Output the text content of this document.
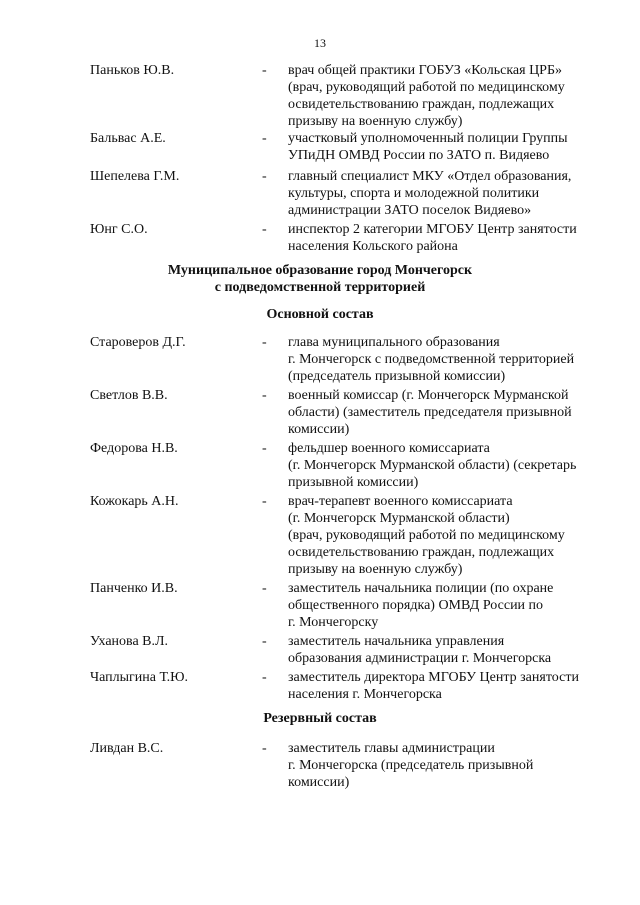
13
Паньков Ю.В.	-	врач общей практики ГОБУЗ «Кольская ЦРБ»
(врач, руководящий работой по медицинскому
освидетельствованию граждан, подлежащих
призыву на военную службу)
Бальвас А.Е.	-	участковый уполномоченный полиции Группы
УПиДН ОМВД России по ЗАТО п. Видяево
Шепелева Г.М.	-	главный специалист МКУ «Отдел образования,
культуры, спорта и молодежной политики
администрации ЗАТО поселок Видяево»
Юнг С.О.	-	инспектор 2 категории МГОБУ Центр занятости
населения Кольского района
Муниципальное образование город Мончегорск
с подведомственной территорией
Основной состав
Староверов Д.Г.	-	глава муниципального образования
г. Мончегорск с подведомственной территорией
(председатель призывной комиссии)
Светлов В.В.	-	военный комиссар (г. Мончегорск Мурманской
области) (заместитель председателя призывной
комиссии)
Федорова Н.В.	-	фельдшер военного комиссариата
(г. Мончегорск Мурманской области) (секретарь
призывной комиссии)
Кожокарь А.Н.	-	врач-терапевт военного комиссариата
(г. Мончегорск Мурманской области)
(врач, руководящий работой по медицинскому
освидетельствованию граждан, подлежащих
призыву на военную службу)
Панченко И.В.	-	заместитель начальника полиции (по охране
общественного порядка) ОМВД России по
г. Мончегорску
Уханова В.Л.	-	заместитель начальника управления
образования администрации г. Мончегорска
Чаплыгина Т.Ю.	-	заместитель директора МГОБУ Центр занятости
населения г. Мончегорска
Резервный состав
Ливдан В.С.	-	заместитель главы администрации
г. Мончегорска (председатель призывной
комиссии)
